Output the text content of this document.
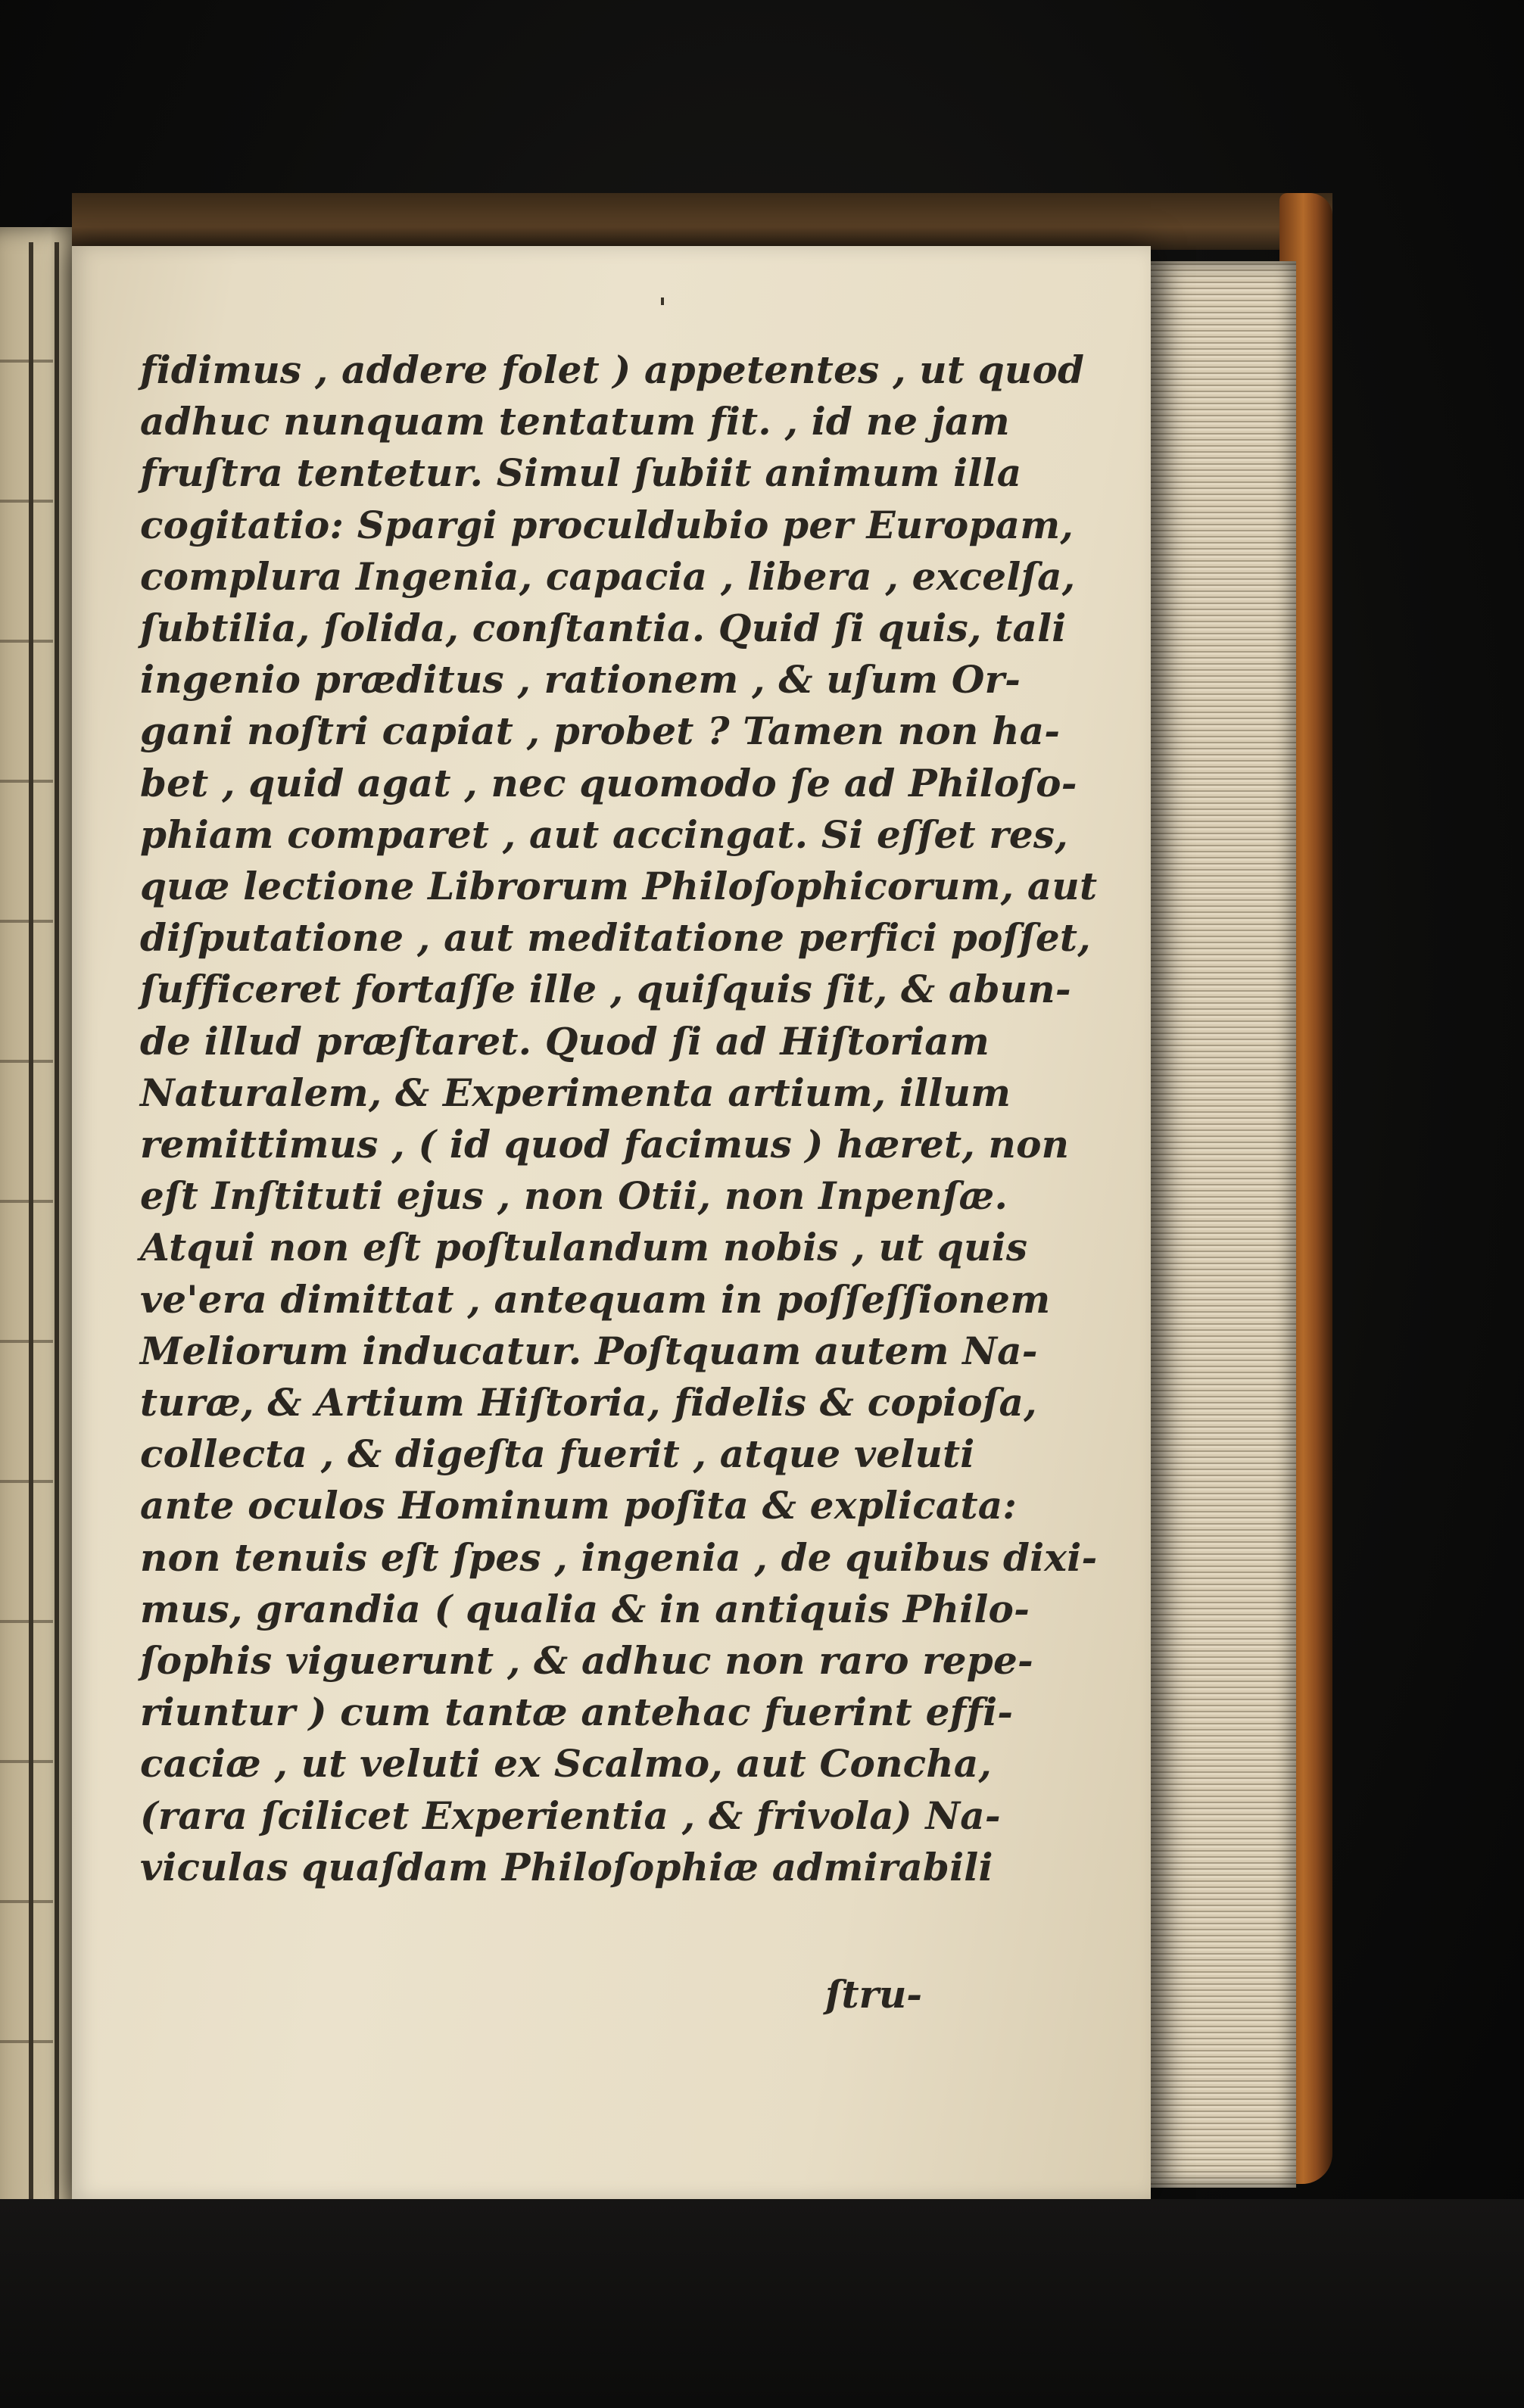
fidimus , addere folet ) appetentes , ut quod
adhuc nunquam tentatum fit. , id ne jam
fruſtra tentetur. Simul ſubiit animum illa
cogitatio: Spargi proculdubio per Europam,
complura Ingenia, capacia , libera , excelſa,
ſubtilia, ſolida, conſtantia. Quid ſi quis, tali
ingenio præditus , rationem , & uſum Or-
gani noſtri capiat , probet ? Tamen non ha-
bet , quid agat , nec quomodo ſe ad Philoſo-
phiam comparet , aut accingat. Si eſſet res,
quæ lectione Librorum Philoſophicorum, aut
diſputatione , aut meditatione perfici poſſet,
ſufficeret fortaſſe ille , quiſquis ſit, & abun-
de illud præſtaret. Quod ſi ad Hiſtoriam
Naturalem, & Experimenta artium, illum
remittimus , ( id quod facimus ) hæret, non
eſt Inſtituti ejus , non Otii, non Inpenſæ.
Atqui non eſt poſtulandum nobis , ut quis
ve'era dimittat , antequam in poſſeſſionem
Meliorum inducatur. Poſtquam autem Na-
turæ, & Artium Hiſtoria, fidelis & copioſa,
collecta , & digeſta fuerit , atque veluti
ante oculos Hominum poſita & explicata:
non tenuis eſt ſpes , ingenia , de quibus dixi-
mus, grandia ( qualia & in antiquis Philo-
ſophis viguerunt , & adhuc non raro repe-
riuntur ) cum tantæ antehac fuerint effi-
caciæ , ut veluti ex Scalmo, aut Concha,
(rara ſcilicet Experientia , & frivola) Na-
viculas quaſdam Philoſophiæ admirabili
ſtru-
